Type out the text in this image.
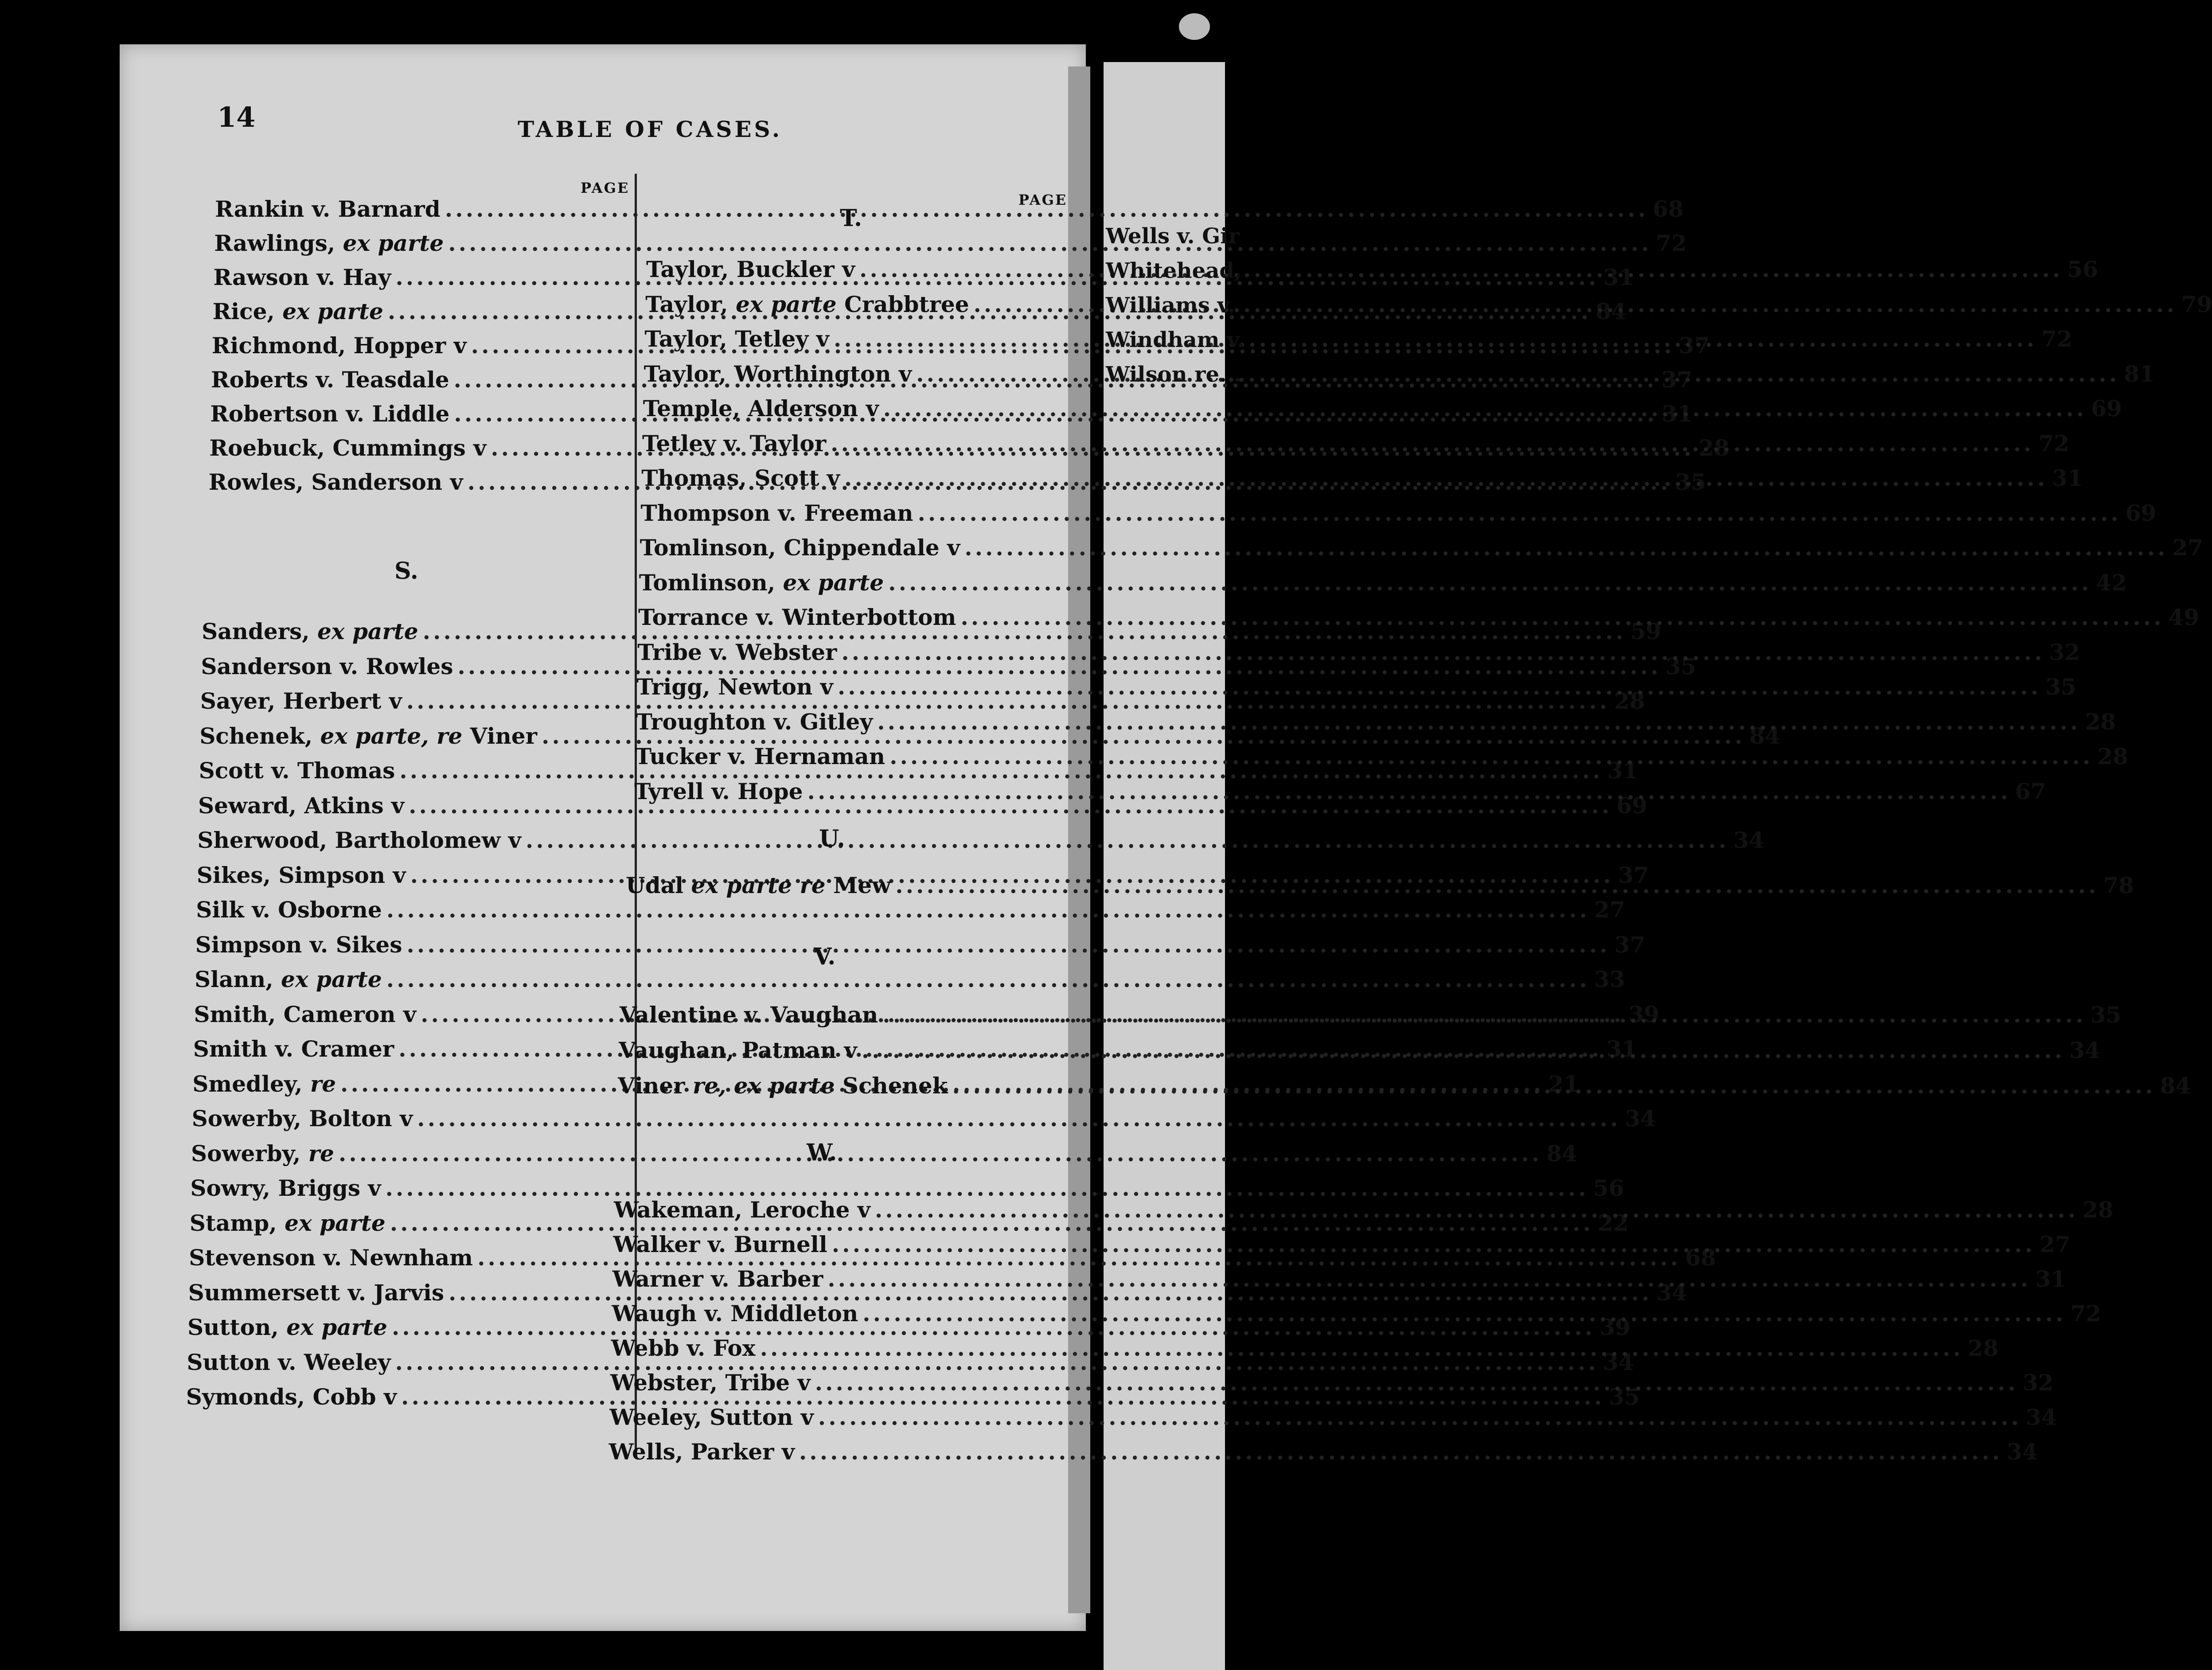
14	TABLE OF CASES.
PAGE
PAGE
Rankin v. Barnard .....	68
Rawlings, ex parte .....	72
Rawson v. Hay .....	31
Rice, ex parte .....	84
Richmond, Hopper v .....	37
Roberts v. Teasdale .....	37
Robertson v. Liddle .....	31
Roebuck, Cummings v .....	28
Rowles, Sanderson v .....	35
S.
Sanders, ex parte .....	59
Sanderson v. Rowles .....	35
Sayer, Herbert v .....	28
Schenek, ex parte, re Viner .....	84
Scott v. Thomas .....	31
Seward, Atkins v .....	69
Sherwood, Bartholomew v .....	34
Sikes, Simpson v .....	37
Silk v. Osborne .....	27
Simpson v. Sikes .....	37
Slann, ex parte .....	33
Smith, Cameron v .....	39
Smith v. Cramer .....	31
Smedley, re .....	21
Sowerby, Bolton v .....	34
Sowerby, re .....	84
Sowry, Briggs v .....	56
Stamp, ex parte .....	22
Stevenson v. Newnham .....	68
Summersett v. Jarvis .....	34
Sutton, ex parte .....	39
Sutton v. Weeley .....	34
Symonds, Cobb v .....	35
T.
Taylor, Buckler v .....	56
Taylor, ex parte Crabbtree .....	79
Taylor, Tetley v .....	72
Taylor, Worthington v .....	81
Temple, Alderson v .....	69
Tetley v. Taylor .....	72
Thomas, Scott v .....	31
Thompson v. Freeman .....	69
Tomlinson, Chippendale v .....	27
Tomlinson, ex parte .....	42
Torrance v. Winterbottom .....	49
Tribe v. Webster .....	32
Trigg, Newton v .....	35
Troughton v. Gitley .....	28
Tucker v. Hernaman .....	28
Tyrell v. Hope .....	67
U.
Udal ex parte re Mew .....	78
V.
Valentine v. Vaughan .....	35
Vaughan, Patman v .....	34
Viner re, ex parte Schenek .....	84
W.
Wakeman, Leroche v .....	28
Walker v. Burnell .....	27
Warner v. Barber .....	31
Waugh v. Middleton .....	72
Webb v. Fox .....	28
Webster, Tribe v .....	32
Weeley, Sutton v .....	34
Wells, Parker v .....	34
Wells v. Gir
Whitehead,
Williams v.
Windham v.
Wilson re. .
